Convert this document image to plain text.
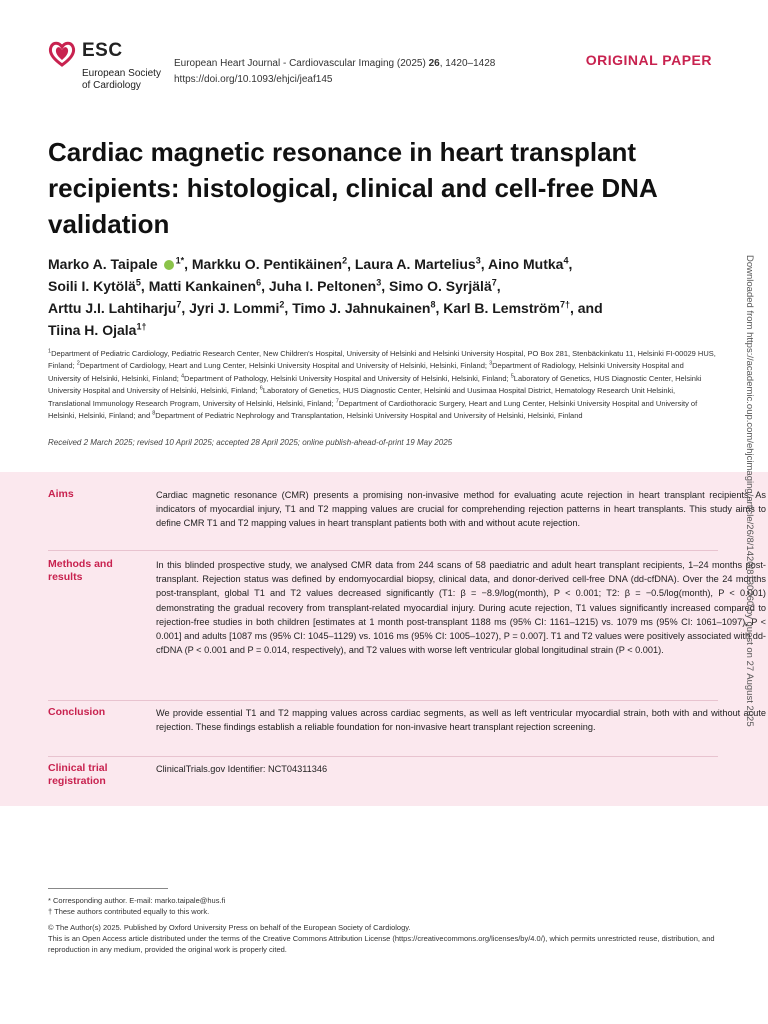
ESC
European Society
of Cardiology
European Heart Journal - Cardiovascular Imaging (2025) 26, 1420–1428
https://doi.org/10.1093/ehjci/jeaf145
ORIGINAL PAPER
Cardiac magnetic resonance in heart transplant recipients: histological, clinical and cell-free DNA validation
Marko A. Taipale $^{1*}$, Markku O. Pentikäinen$^2$, Laura A. Martelius$^3$, Aino Mutka$^4$,
Soili I. Kytölä$^5$, Matti Kankainen$^6$, Juha I. Peltonen$^3$, Simo O. Syrjälä$^7$,
Arttu J.I. Lahtiharju$^7$, Jyri J. Lommi$^2$, Timo J. Jahnukainen$^8$, Karl B. Lemström$^{7\dagger}$, and
Tiina H. Ojala$^{1\dagger}$
$^1$Department of Pediatric Cardiology, Pediatric Research Center, New Children's Hospital, University of Helsinki and Helsinki University Hospital, PO Box 281, Stenbäckinkatu 11, Helsinki FI-00029 HUS, Finland; $^2$Department of Cardiology, Heart and Lung Center, Helsinki University Hospital and University of Helsinki, Helsinki, Finland; $^3$Department of Radiology, Helsinki University Hospital and University of Helsinki, Helsinki, Finland; $^4$Department of Pathology, Helsinki University Hospital and University of Helsinki, Helsinki, Finland; $^5$Laboratory of Genetics, HUS Diagnostic Center, Helsinki University Hospital and University of Helsinki, Helsinki, Finland; $^6$Laboratory of Genetics, HUS Diagnostic Center, Helsinki and Uusimaa Hospital District, Hematology Research Unit Helsinki, Translational Immunology Research Program, University of Helsinki, Helsinki, Finland; $^7$Department of Cardiothoracic Surgery, Heart and Lung Center, Helsinki University Hospital and University of Helsinki, Helsinki, Finland; and $^8$Department of Pediatric Nephrology and Transplantation, Helsinki University Hospital and University of Helsinki, Helsinki, Finland
Received 2 March 2025; revised 10 April 2025; accepted 28 April 2025; online publish-ahead-of-print 19 May 2025
Aims	Cardiac magnetic resonance (CMR) presents a promising non-invasive method for evaluating acute rejection in heart transplant recipients. As indicators of myocardial injury, T1 and T2 mapping values are crucial for comprehending rejection patterns in heart transplants. This study aims to define CMR T1 and T2 mapping values in heart transplant patients both with and without acute rejection.
Methods and results
In this blinded prospective study, we analysed CMR data from 244 scans of 58 paediatric and adult heart transplant recipients, 1–24 months post-transplant. Rejection status was defined by endomyocardial biopsy, clinical data, and donor-derived cell-free DNA (dd-cfDNA). Over the 24 months post-transplant, global T1 and T2 values decreased significantly (T1: β = −8.9/log(month), P < 0.001; T2: β = −0.5/log(month), P < 0.001) demonstrating the gradual recovery from transplant-related myocardial injury. During acute rejection, T1 values significantly increased compared to rejection-free studies in both children [estimates at 1 month post-transplant 1188 ms (95% CI: 1161–1215) vs. 1079 ms (95% CI: 1061–1097), P < 0.001] and adults [1087 ms (95% CI: 1045–1129) vs. 1016 ms (95% CI: 1005–1027), P = 0.007]. T1 and T2 values were positively associated with dd-cfDNA (P < 0.001 and P = 0.014, respectively), and T2 values with worse left ventricular global longitudinal strain (P < 0.001).
Conclusion	We provide essential T1 and T2 mapping values across cardiac segments, as well as left ventricular myocardial strain, both with and without acute rejection. These findings establish a reliable foundation for non-invasive heart transplant rejection screening.
Clinical trial registration
ClinicalTrials.gov Identifier: NCT04311346
* Corresponding author. E-mail: marko.taipale@hus.fi
† These authors contributed equally to this work.
© The Author(s) 2025. Published by Oxford University Press on behalf of the European Society of Cardiology.
This is an Open Access article distributed under the terms of the Creative Commons Attribution License (https://creativecommons.org/licenses/by/4.0/), which permits unrestricted reuse, distribution, and reproduction in any medium, provided the original work is properly cited.
Downloaded from https://academic.oup.com/ehjcimaging/article/26/8/1420/8130260 by guest on 27 August 2025
